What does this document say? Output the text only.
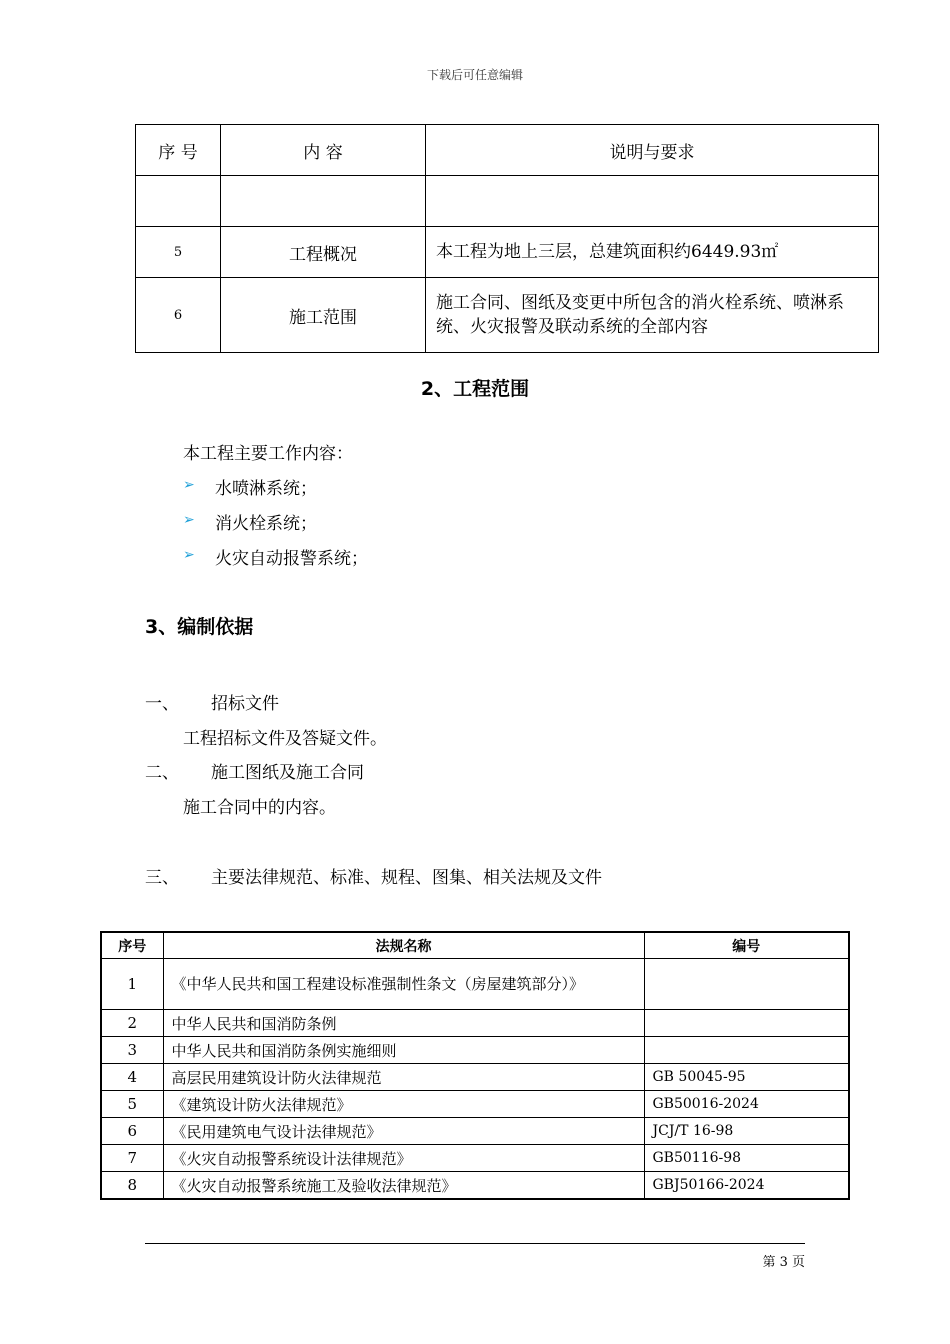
下载后可任意编辑
序 号	内 容	说明与要求

5	工程概况	本工程为地上三层，总建筑面积约6449.93㎡
6	施工范围	施工合同、图纸及变更中所包含的消火栓系统、喷淋系统、火灾报警及联动系统的全部内容
2、工程范围
本工程主要工作内容：
➢ 水喷淋系统；
➢ 消火栓系统；
➢ 火灾自动报警系统；
3、编制依据
一、 招标文件
工程招标文件及答疑文件。
二、 施工图纸及施工合同
施工合同中的内容。
三、 主要法律规范、标准、规程、图集、相关法规及文件
序号	法规名称	编号
1	《中华人民共和国工程建设标准强制性条文（房屋建筑部分）》	
2	中华人民共和国消防条例	
3	中华人民共和国消防条例实施细则	
4	高层民用建筑设计防火法律规范	GB 50045-95
5	《建筑设计防火法律规范》	GB50016-2024
6	《民用建筑电气设计法律规范》	JCJ/T 16-98
7	《火灾自动报警系统设计法律规范》	GB50116-98
8	《火灾自动报警系统施工及验收法律规范》	GBJ50166-2024
第 3 页
